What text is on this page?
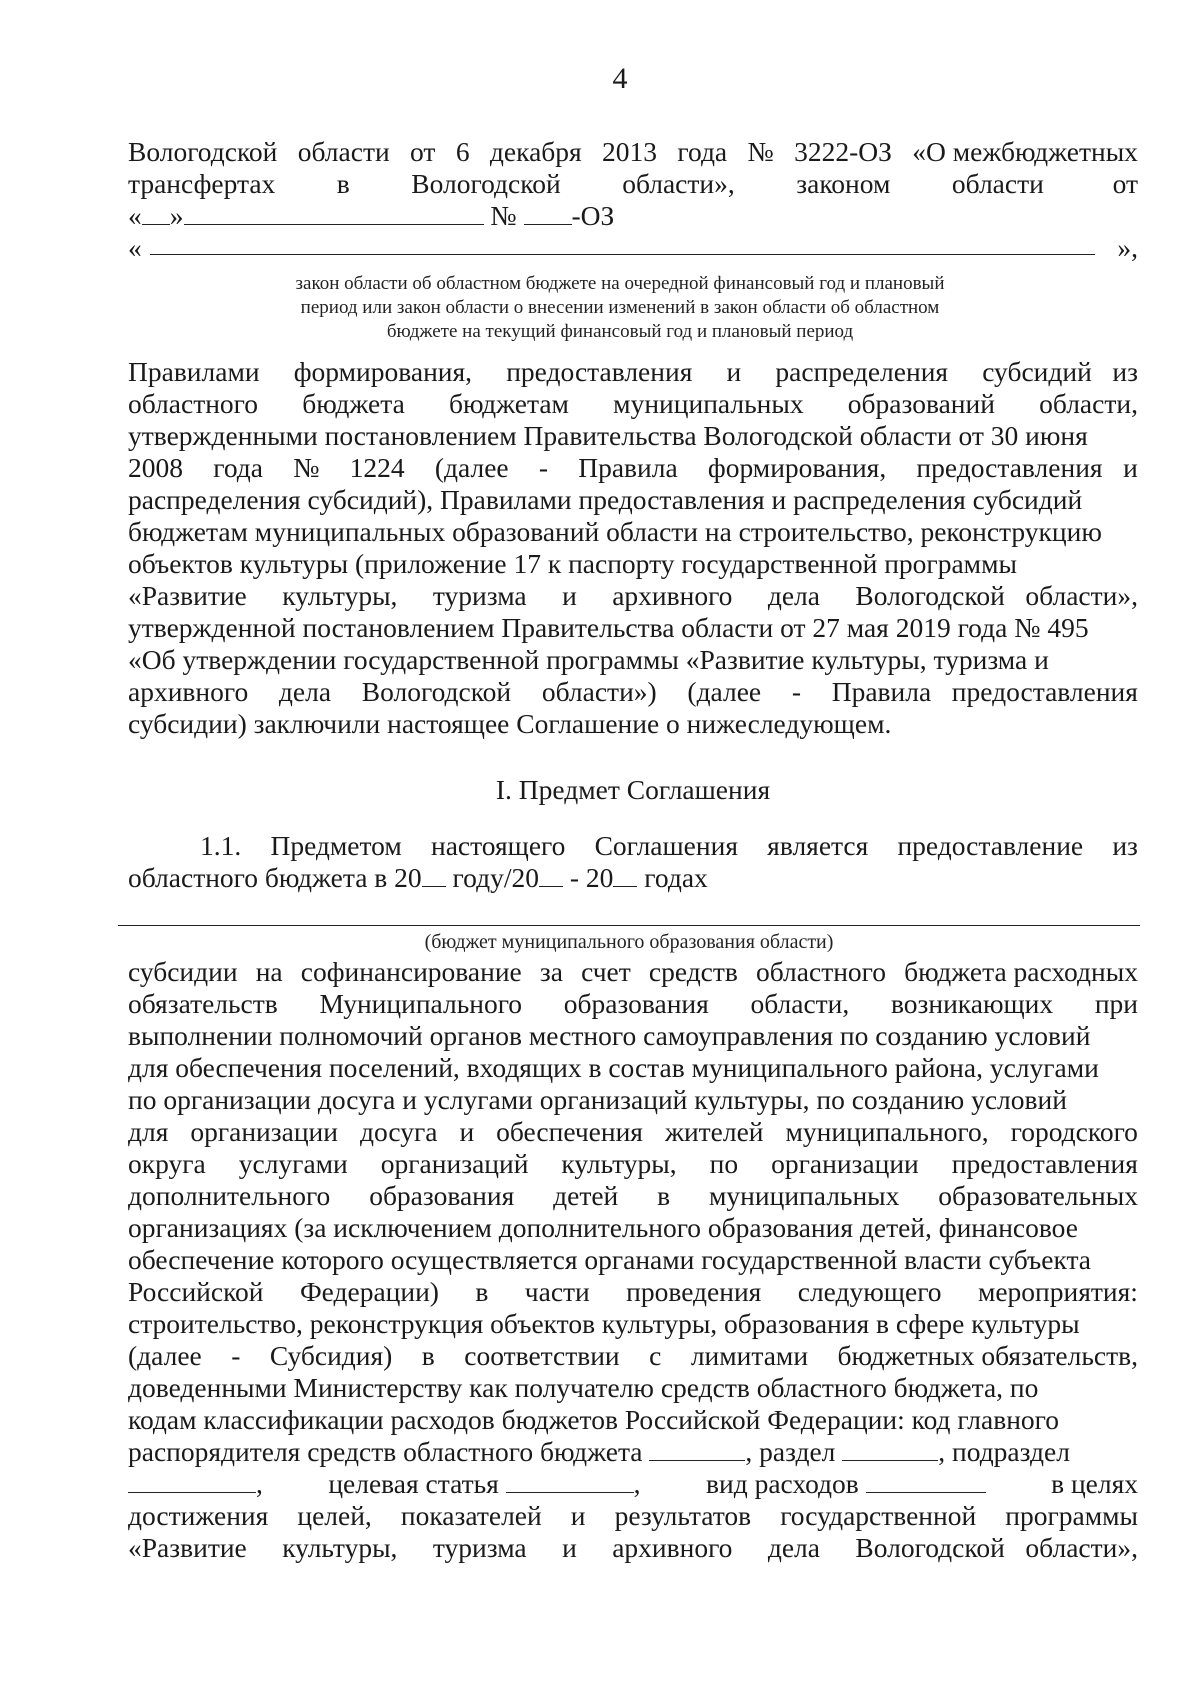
4
Вологодской области от 6 декабря 2013 года № 3222-ОЗ «О межбюджетных
трансфертах в Вологодской области», законом области          от
« »	№ -ОЗ
«	»,
закон области об областном бюджете на очередной финансовый год и плановый
период или закон области о внесении изменений в закон области об областном
бюджете на текущий финансовый год и плановый период
Правилами формирования, предоставления и распределения субсидий   из
областного бюджета бюджетам муниципальных образований области,
утвержденными постановлением Правительства Вологодской области от 30 июня
2008 года № 1224 (далее - Правила формирования, предоставления   и
распределения субсидий), Правилами предоставления и распределения субсидий
бюджетам муниципальных образований области на строительство, реконструкцию
объектов культуры (приложение 17 к паспорту государственной программы
«Развитие культуры, туризма и архивного дела Вологодской   области»,
утвержденной постановлением Правительства области от 27 мая 2019 года № 495
«Об утверждении государственной программы «Развитие культуры, туризма и
архивного дела Вологодской области») (далее - Правила   предоставления
субсидии) заключили настоящее Соглашение о нижеследующем.
I. Предмет Соглашения
1.1. Предметом настоящего Соглашения является предоставление из
областного бюджета в 20 году/20 - 20 годах
(бюджет муниципального образования области)
субсидии на софинансирование за счет средств областного бюджета расходных
обязательств Муниципального образования области, возникающих при
выполнении полномочий органов местного самоуправления по созданию условий
для обеспечения поселений, входящих в состав муниципального района, услугами
по организации досуга и услугами организаций культуры, по созданию условий
для организации досуга и обеспечения жителей муниципального, городского
округа услугами организаций культуры, по организации предоставления
дополнительного образования детей в муниципальных образовательных
организациях (за исключением дополнительного образования детей, финансовое
обеспечение которого осуществляется органами государственной власти субъекта
Российской Федерации) в части проведения следующего мероприятия:
строительство, реконструкция объектов культуры, образования в сфере культуры
(далее - Субсидия) в соответствии с лимитами бюджетных обязательств,
доведенными Министерству как получателю средств областного бюджета, по
кодам классификации расходов бюджетов Российской Федерации: код главного
распорядителя средств областного бюджета	, раздел	, подраздел
, целевая статья	, вид расходов	в целях
достижения целей, показателей и результатов государственной программы
«Развитие культуры, туризма и архивного дела Вологодской   области»,
